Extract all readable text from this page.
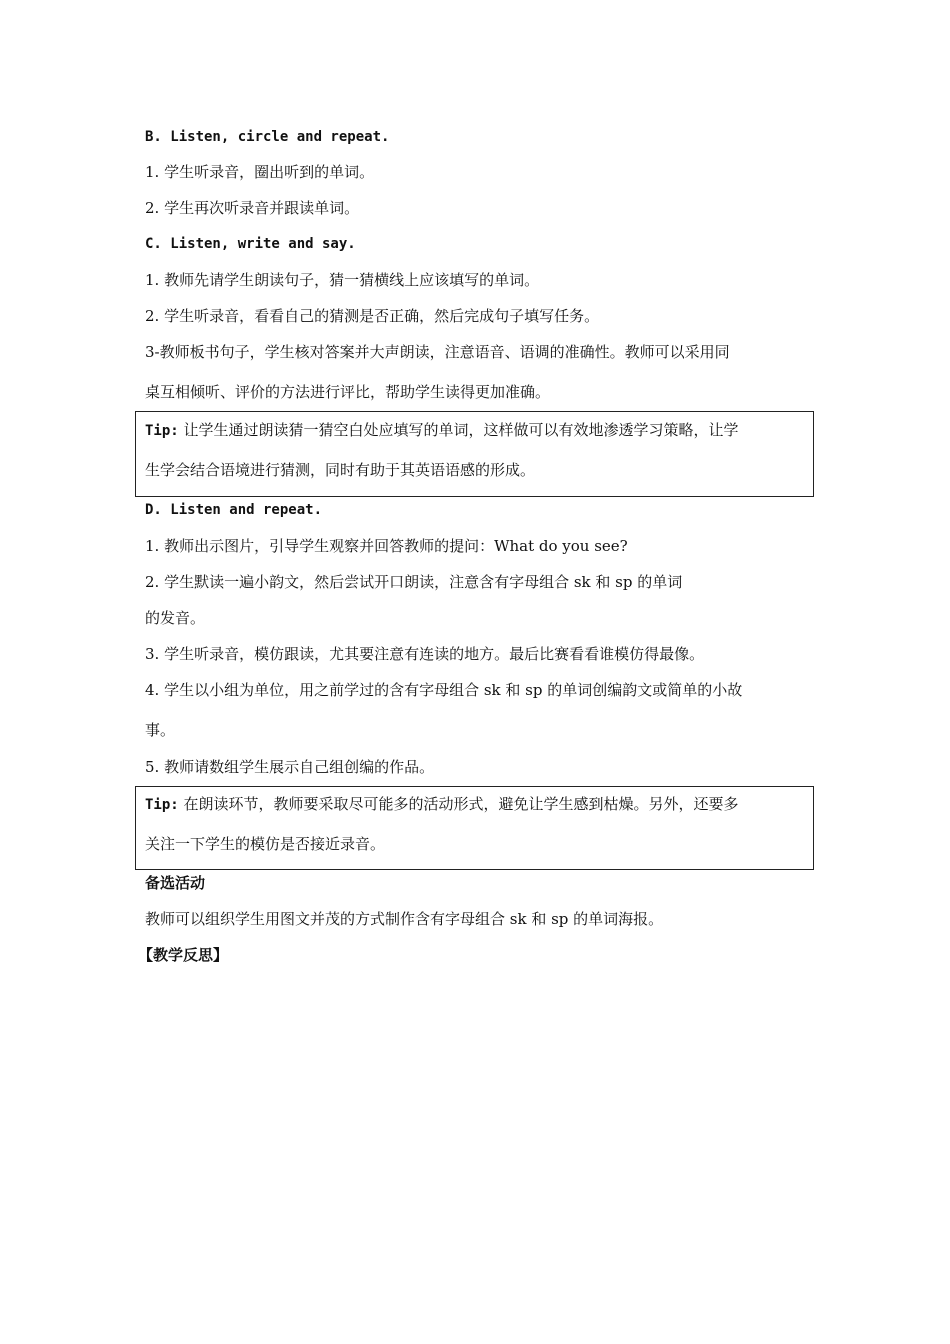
B. Listen, circle and repeat.
1. 学生听录音，圈出听到的单词。
2. 学生再次听录音并跟读单词。
C. Listen, write and say.
1. 教师先请学生朗读句子，猜一猜横线上应该填写的单词。
2. 学生听录音，看看自己的猜测是否正确，然后完成句子填写任务。
3-教师板书句子，学生核对答案并大声朗读，注意语音、语调的准确性。教师可以采用同
桌互相倾听、评价的方法进行评比，帮助学生读得更加准确。
Tip: 让学生通过朗读猜一猜空白处应填写的单词，这样做可以有效地渗透学习策略，让学
生学会结合语境进行猜测，同时有助于其英语语感的形成。
D. Listen and repeat.
1. 教师出示图片，引导学生观察并回答教师的提问：What do you see?
2. 学生默读一遍小韵文，然后尝试开口朗读，注意含有字母组合 sk 和 sp 的单词
的发音。
3. 学生听录音，模仿跟读，尤其要注意有连读的地方。最后比赛看看谁模仿得最像。
4. 学生以小组为单位，用之前学过的含有字母组合 sk 和 sp 的单词创编韵文或简单的小故
事。
5. 教师请数组学生展示自己组创编的作品。
Tip: 在朗读环节，教师要采取尽可能多的活动形式，避免让学生感到枯燥。另外，还要多
关注一下学生的模仿是否接近录音。
备选活动
教师可以组织学生用图文并茂的方式制作含有字母组合 sk 和 sp 的单词海报。
【教学反思】
